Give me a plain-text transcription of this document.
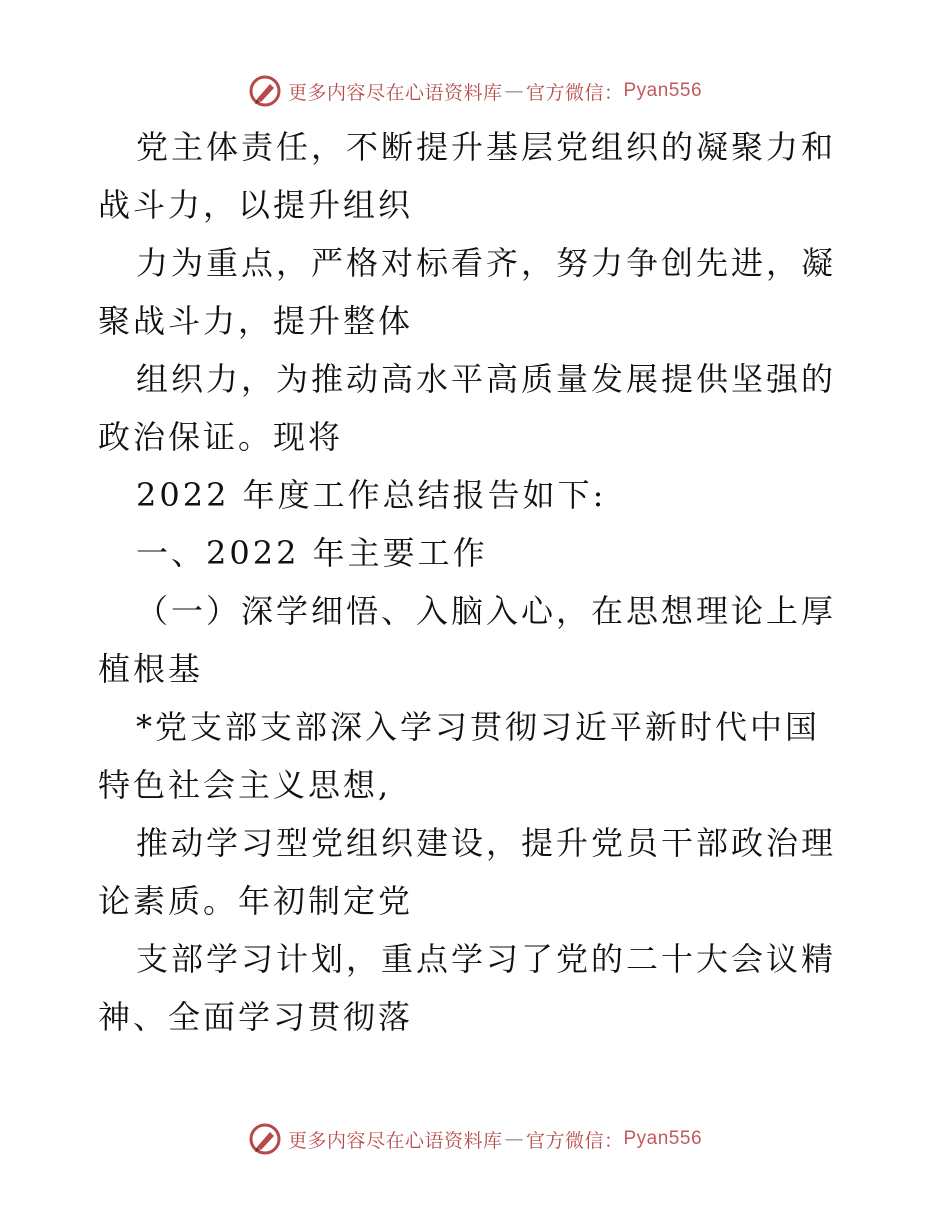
更多内容尽在心语资料库 — 官方微信： Pyan556

党主体责任，不断提升基层党组织的凝聚力和战斗力，以提升组织

力为重点，严格对标看齐，努力争创先进，凝聚战斗力，提升整体

组织力，为推动高水平高质量发展提供坚强的政治保证。现将

2022 年度工作总结报告如下:

一、2022 年主要工作

（一）深学细悟、入脑入心，在思想理论上厚植根基

*党支部支部深入学习贯彻习近平新时代中国特色社会主义思想,

推动学习型党组织建设，提升党员干部政治理论素质。年初制定党

支部学习计划，重点学习了党的二十大会议精神、全面学习贯彻落

更多内容尽在心语资料库 — 官方微信： Pyan556
